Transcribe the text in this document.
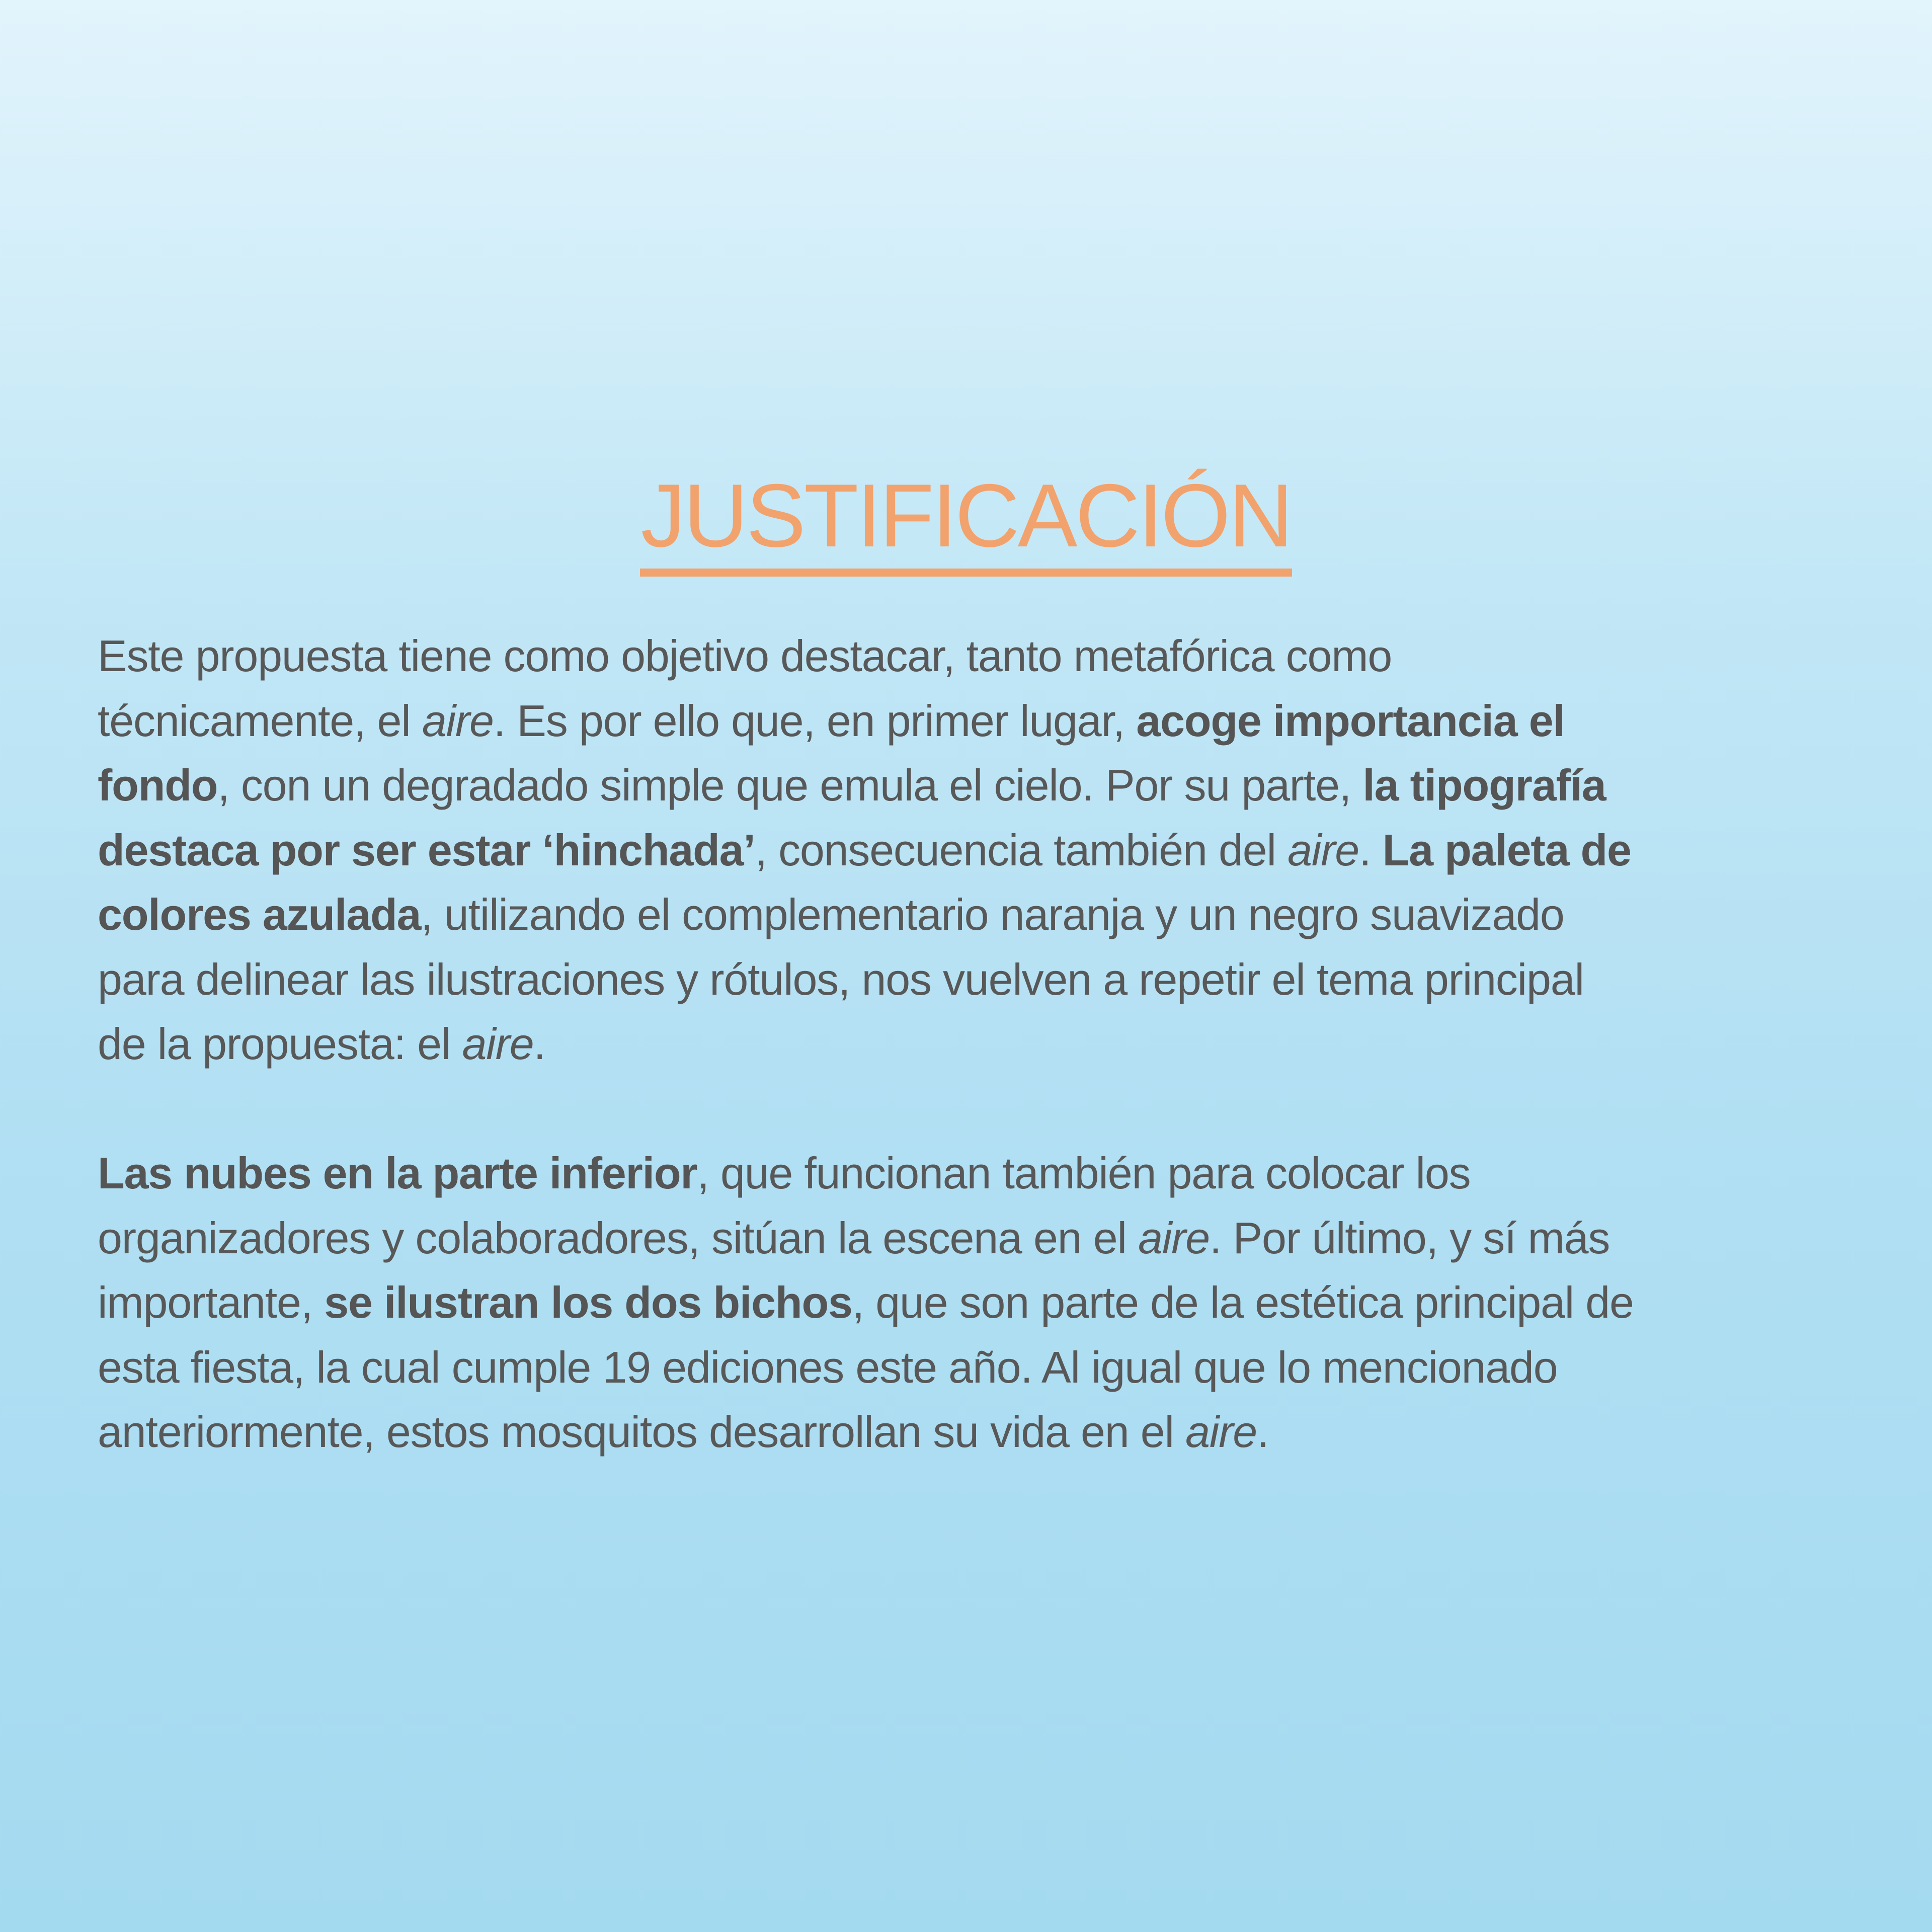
JUSTIFICACIÓN

Este propuesta tiene como objetivo destacar, tanto metafórica como
técnicamente, el aire. Es por ello que, en primer lugar, acoge importancia el
fondo, con un degradado simple que emula el cielo. Por su parte, la tipografía
destaca por ser estar ‘hinchada’, consecuencia también del aire. La paleta de
colores azulada, utilizando el complementario naranja y un negro suavizado
para delinear las ilustraciones y rótulos, nos vuelven a repetir el tema principal
de la propuesta: el aire.

Las nubes en la parte inferior, que funcionan también para colocar los
organizadores y colaboradores, sitúan la escena en el aire. Por último, y sí más
importante, se ilustran los dos bichos, que son parte de la estética principal de
esta fiesta, la cual cumple 19 ediciones este año. Al igual que lo mencionado
anteriormente, estos mosquitos desarrollan su vida en el aire.
